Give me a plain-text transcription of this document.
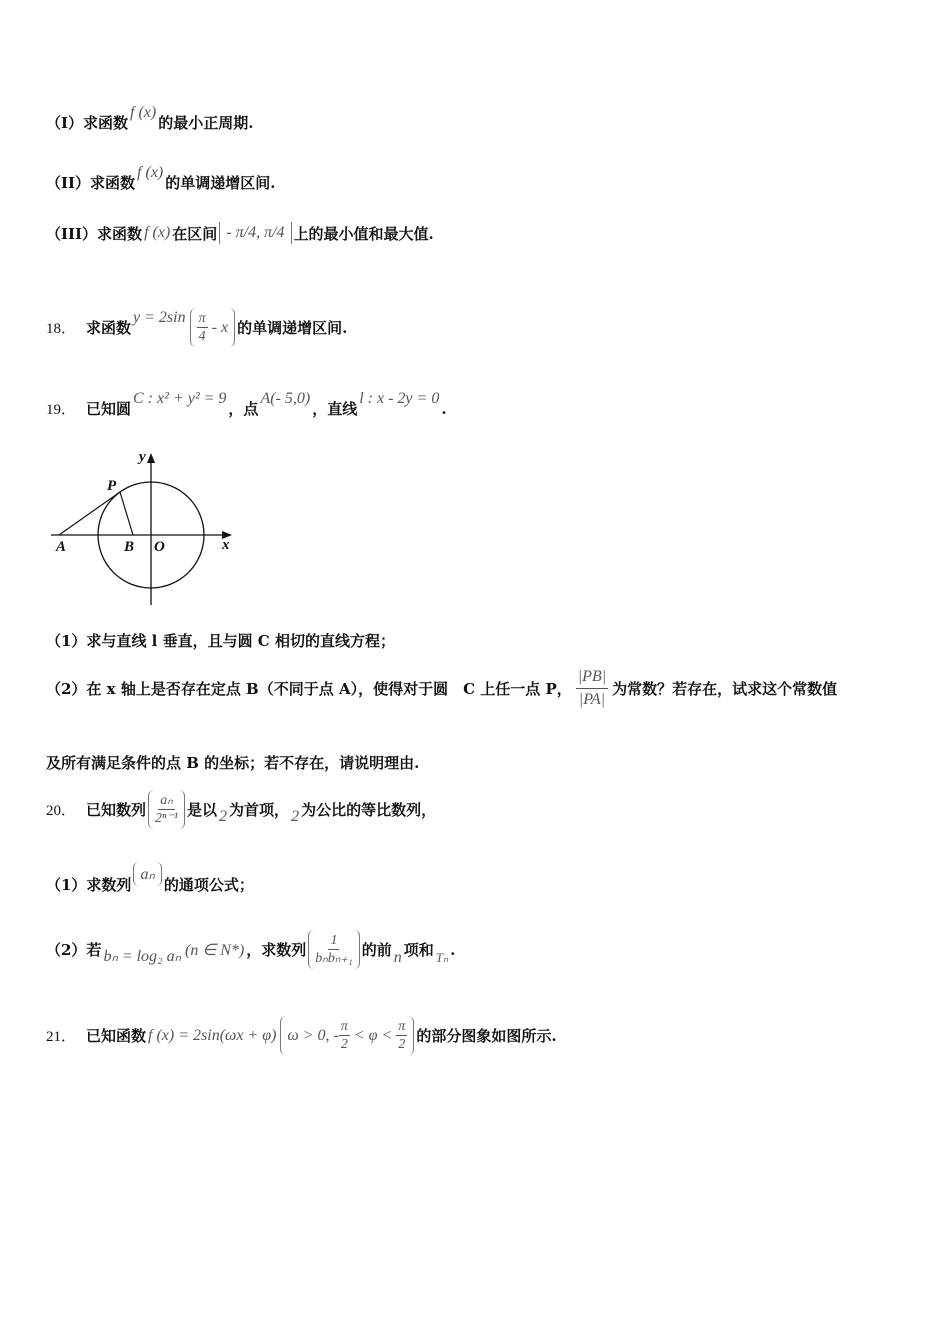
（I）求函数
f (x)
的最小正周期.
（II）求函数
f (x)
的单调递增区间.
（III）求函数 f (x) 在区间 - π/4 , π/4 上的最小值和最大值.
18． 求函数
$y = 2\sin \frac{\pi}{4}$
- x 的单调递增区间.
19． 已知圆
C : x² + y² = 9
，点
A(- 5,0)
，直线
l : x - 2y = 0
.
y
x
P
A	B O
（1）求与直线 l 垂直，且与圆 C 相切的直线方程；
（2）在 x 轴上是否存在定点 B（不同于点 A），使得对于圆　C 上任一点 P， $\frac{|PB|}{|PA|}$ 为常数？若存在，试求这个常数值
及所有满足条件的点 B 的坐标；若不存在，请说明理由.
20． 已知数列 $\frac{\text{aₙ}}{\text{2ⁿ⁻¹}}$ 是以 2 为首项， 2 为公比的等比数列，
（1）求数列
aₙ
的通项公式；
（2）若 bₙ = log₂ aₙ (n ∈ N*) ，求数列 $\frac{1}{\text{bₙbₙ₊₁}}$ 的前 n 项和 Tₙ .
21． 已知函数 f (x) = 2sin(ωx + φ) ω > 0, - $\frac{\pi}{2}$
< φ <
$\frac{\pi}{2}$ 的部分图象如图所示.
